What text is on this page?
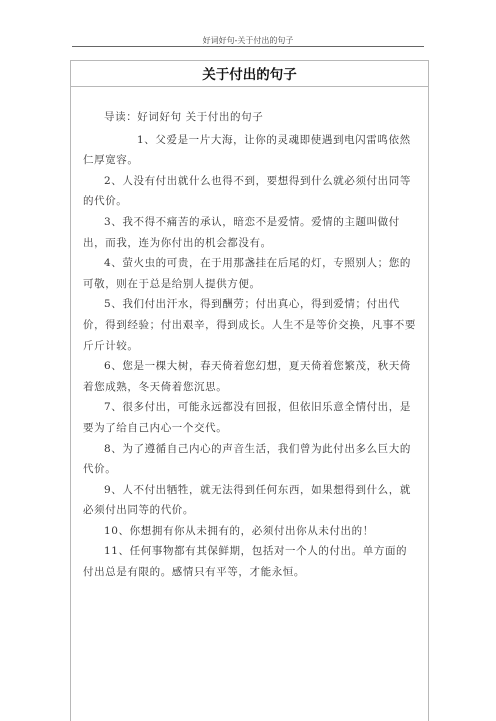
好词好句-关于付出的句子
关于付出的句子

导读：好词好句 关于付出的句子

1、父爱是一片大海，让你的灵魂即使遇到电闪雷鸣依然仁厚宽容。

2、人没有付出就什么也得不到，要想得到什么就必须付出同等的代价。

3、我不得不痛苦的承认，暗恋不是爱情。爱情的主题叫做付出，而我，连为你付出的机会都没有。

4、萤火虫的可贵，在于用那盏挂在后尾的灯，专照别人；您的可敬，则在于总是给别人提供方便。

5、我们付出汗水，得到酬劳；付出真心，得到爱情；付出代价，得到经验；付出艰辛，得到成长。人生不是等价交换，凡事不要斤斤计较。

6、您是一棵大树，春天倚着您幻想，夏天倚着您繁茂，秋天倚着您成熟，冬天倚着您沉思。

7、很多付出，可能永远都没有回报，但依旧乐意全情付出，是要为了给自己内心一个交代。

8、为了遵循自己内心的声音生活，我们曾为此付出多么巨大的代价。

9、人不付出牺牲，就无法得到任何东西，如果想得到什么，就必须付出同等的代价。

10、你想拥有你从未拥有的，必须付出你从未付出的！

11、任何事物都有其保鲜期，包括对一个人的付出。单方面的付出总是有限的。感情只有平等，才能永恒。
